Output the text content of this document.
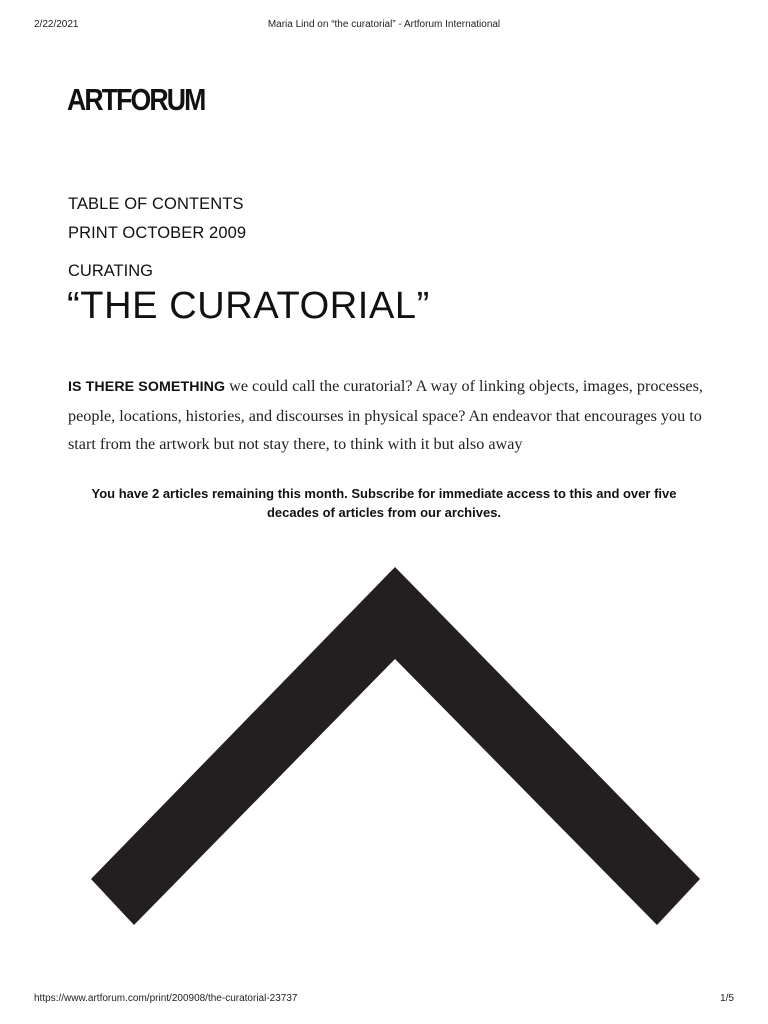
2/22/2021	Maria Lind on “the curatorial” - Artforum International
ARTFORUM
TABLE OF CONTENTS
PRINT OCTOBER 2009
CURATING
“THE CURATORIAL”

IS THERE SOMETHING we could call the curatorial? A way of linking objects, images, processes, people, locations, histories, and discourses in physical space? An endeavor that encourages you to start from the artwork but not stay there, to think with it but also away

You have 2 articles remaining this month. Subscribe for immediate access to this and over five decades of articles from our archives.
https://www.artforum.com/print/200908/the-curatorial-23737	1/5
